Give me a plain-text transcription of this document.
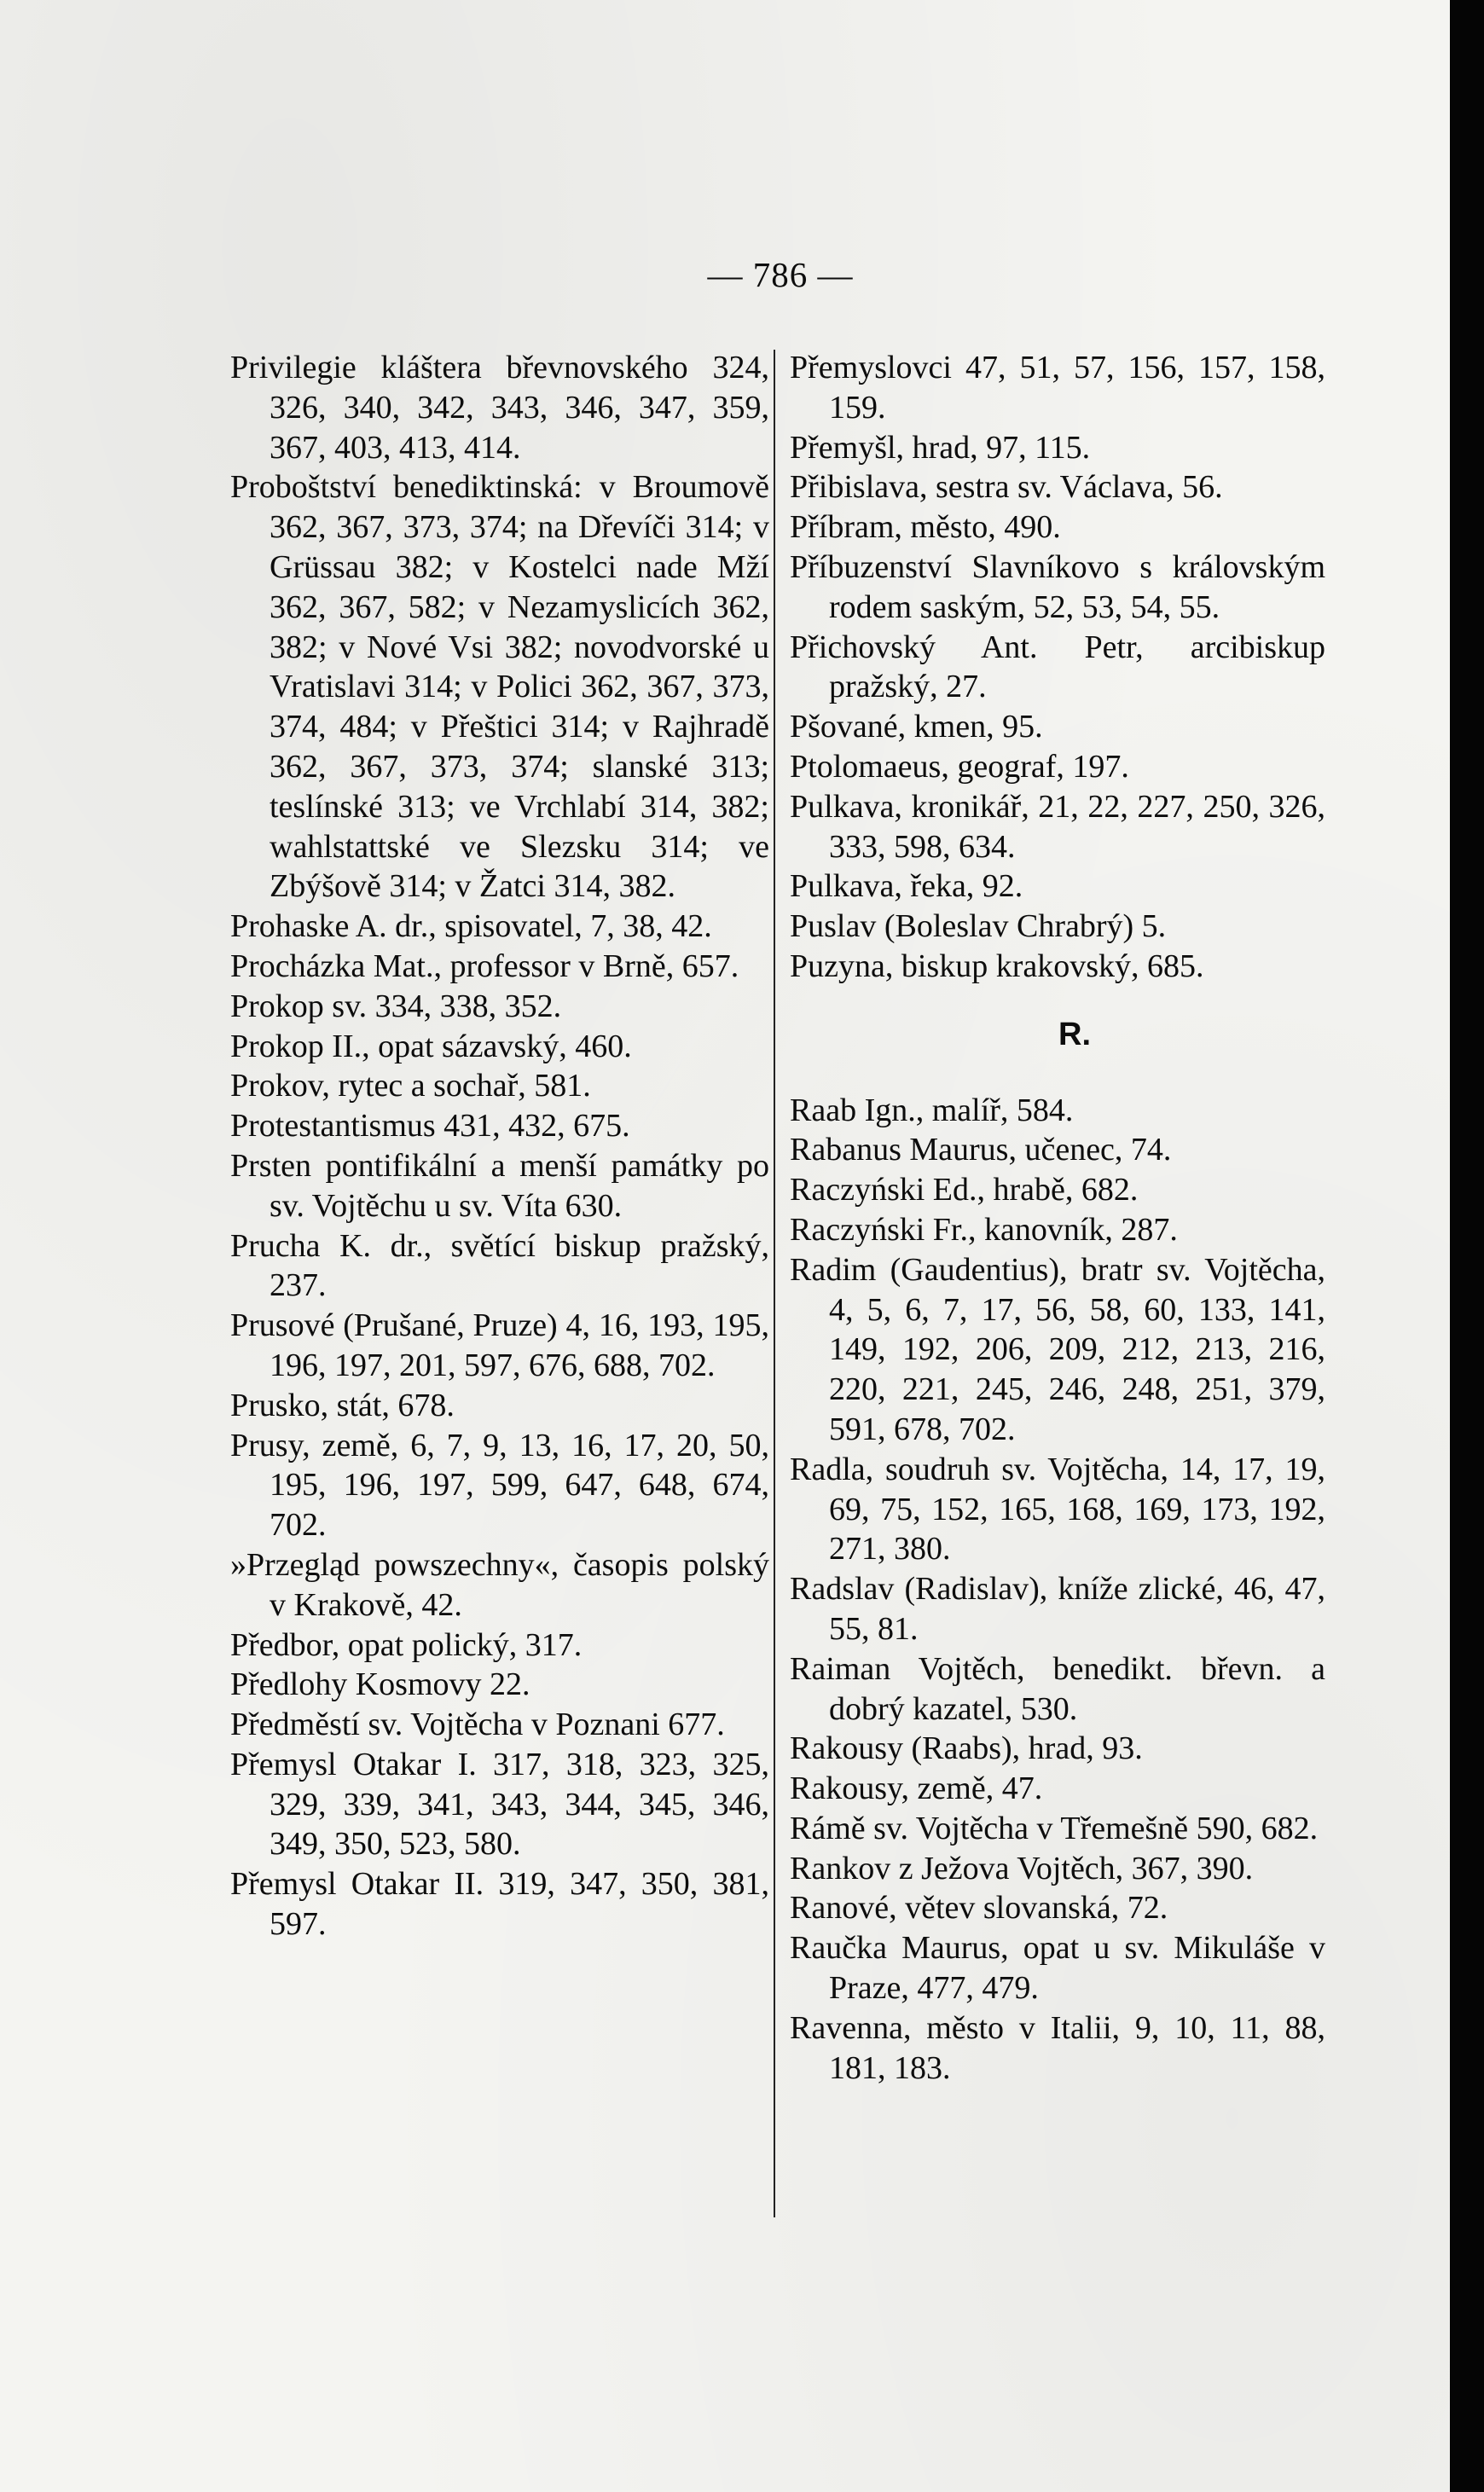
— 786 —
Privilegie kláštera břevnovského 324, 326, 340, 342, 343, 346, 347, 359, 367, 403, 413, 414.
Proboštství benediktinská: v Broumově 362, 367, 373, 374; na Dřevíči 314; v Grüssau 382; v Kostelci nade Mží 362, 367, 582; v Nezamyslicích 362, 382; v Nové Vsi 382; novodvorské u Vratislavi 314; v Polici 362, 367, 373, 374, 484; v Přeštici 314; v Rajhradě 362, 367, 373, 374; slanské 313; teslínské 313; ve Vrchlabí 314, 382; wahlstattské ve Slezsku 314; ve Zbýšově 314; v Žatci 314, 382.
Prohaske A. dr., spisovatel, 7, 38, 42.
Procházka Mat., professor v Brně, 657.
Prokop sv. 334, 338, 352.
Prokop II., opat sázavský, 460.
Prokov, rytec a sochař, 581.
Protestantismus 431, 432, 675.
Prsten pontifikální a menší památky po sv. Vojtěchu u sv. Víta 630.
Prucha K. dr., světící biskup pražský, 237.
Prusové (Prušané, Pruze) 4, 16, 193, 195, 196, 197, 201, 597, 676, 688, 702.
Prusko, stát, 678.
Prusy, země, 6, 7, 9, 13, 16, 17, 20, 50, 195, 196, 197, 599, 647, 648, 674, 702.
»Przegląd powszechny«, časopis polský v Krakově, 42.
Předbor, opat polický, 317.
Předlohy Kosmovy 22.
Předměstí sv. Vojtěcha v Poznani 677.
Přemysl Otakar I. 317, 318, 323, 325, 329, 339, 341, 343, 344, 345, 346, 349, 350, 523, 580.
Přemysl Otakar II. 319, 347, 350, 381, 597.
Přemyslovci 47, 51, 57, 156, 157, 158, 159.
Přemyšl, hrad, 97, 115.
Přibislava, sestra sv. Václava, 56.
Příbram, město, 490.
Příbuzenství Slavníkovo s královským rodem saským, 52, 53, 54, 55.
Přichovský Ant. Petr, arcibiskup pražský, 27.
Pšované, kmen, 95.
Ptolomaeus, geograf, 197.
Pulkava, kronikář, 21, 22, 227, 250, 326, 333, 598, 634.
Pulkava, řeka, 92.
Puslav (Boleslav Chrabrý) 5.
Puzyna, biskup krakovský, 685.
R.
Raab Ign., malíř, 584.
Rabanus Maurus, učenec, 74.
Raczyński Ed., hrabě, 682.
Raczyński Fr., kanovník, 287.
Radim (Gaudentius), bratr sv. Vojtěcha, 4, 5, 6, 7, 17, 56, 58, 60, 133, 141, 149, 192, 206, 209, 212, 213, 216, 220, 221, 245, 246, 248, 251, 379, 591, 678, 702.
Radla, soudruh sv. Vojtěcha, 14, 17, 19, 69, 75, 152, 165, 168, 169, 173, 192, 271, 380.
Radslav (Radislav), kníže zlické, 46, 47, 55, 81.
Raiman Vojtěch, benedikt. břevn. a dobrý kazatel, 530.
Rakousy (Raabs), hrad, 93.
Rakousy, země, 47.
Rámě sv. Vojtěcha v Třemešně 590, 682.
Rankov z Ježova Vojtěch, 367, 390.
Ranové, větev slovanská, 72.
Raučka Maurus, opat u sv. Mikuláše v Praze, 477, 479.
Ravenna, město v Italii, 9, 10, 11, 88, 181, 183.
